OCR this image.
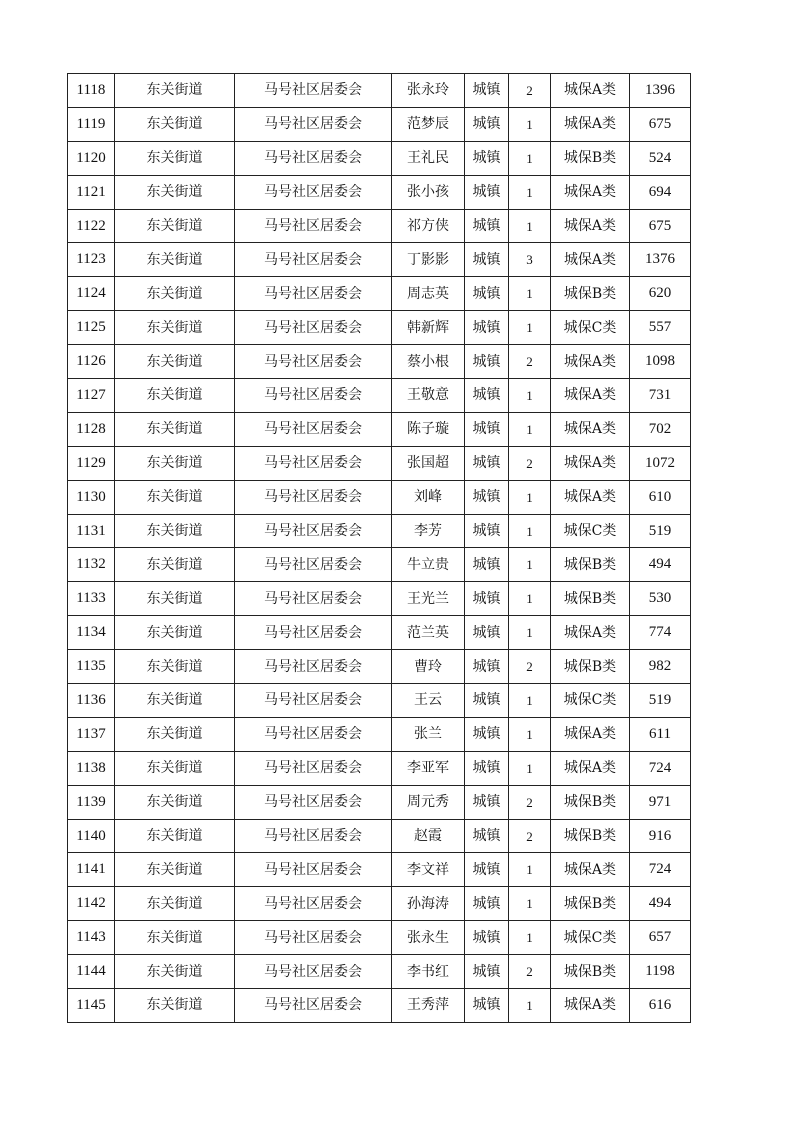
1118	东关街道	马号社区居委会	张永玲	城镇	2	城保A类	1396
1119	东关街道	马号社区居委会	范梦辰	城镇	1	城保A类	675
1120	东关街道	马号社区居委会	王礼民	城镇	1	城保B类	524
1121	东关街道	马号社区居委会	张小孩	城镇	1	城保A类	694
1122	东关街道	马号社区居委会	祁方侠	城镇	1	城保A类	675
1123	东关街道	马号社区居委会	丁影影	城镇	3	城保A类	1376
1124	东关街道	马号社区居委会	周志英	城镇	1	城保B类	620
1125	东关街道	马号社区居委会	韩新辉	城镇	1	城保C类	557
1126	东关街道	马号社区居委会	蔡小根	城镇	2	城保A类	1098
1127	东关街道	马号社区居委会	王敬意	城镇	1	城保A类	731
1128	东关街道	马号社区居委会	陈子璇	城镇	1	城保A类	702
1129	东关街道	马号社区居委会	张国超	城镇	2	城保A类	1072
1130	东关街道	马号社区居委会	刘峰	城镇	1	城保A类	610
1131	东关街道	马号社区居委会	李芳	城镇	1	城保C类	519
1132	东关街道	马号社区居委会	牛立贵	城镇	1	城保B类	494
1133	东关街道	马号社区居委会	王光兰	城镇	1	城保B类	530
1134	东关街道	马号社区居委会	范兰英	城镇	1	城保A类	774
1135	东关街道	马号社区居委会	曹玲	城镇	2	城保B类	982
1136	东关街道	马号社区居委会	王云	城镇	1	城保C类	519
1137	东关街道	马号社区居委会	张兰	城镇	1	城保A类	611
1138	东关街道	马号社区居委会	李亚军	城镇	1	城保A类	724
1139	东关街道	马号社区居委会	周元秀	城镇	2	城保B类	971
1140	东关街道	马号社区居委会	赵霞	城镇	2	城保B类	916
1141	东关街道	马号社区居委会	李文祥	城镇	1	城保A类	724
1142	东关街道	马号社区居委会	孙海涛	城镇	1	城保B类	494
1143	东关街道	马号社区居委会	张永生	城镇	1	城保C类	657
1144	东关街道	马号社区居委会	李书红	城镇	2	城保B类	1198
1145	东关街道	马号社区居委会	王秀萍	城镇	1	城保A类	616
